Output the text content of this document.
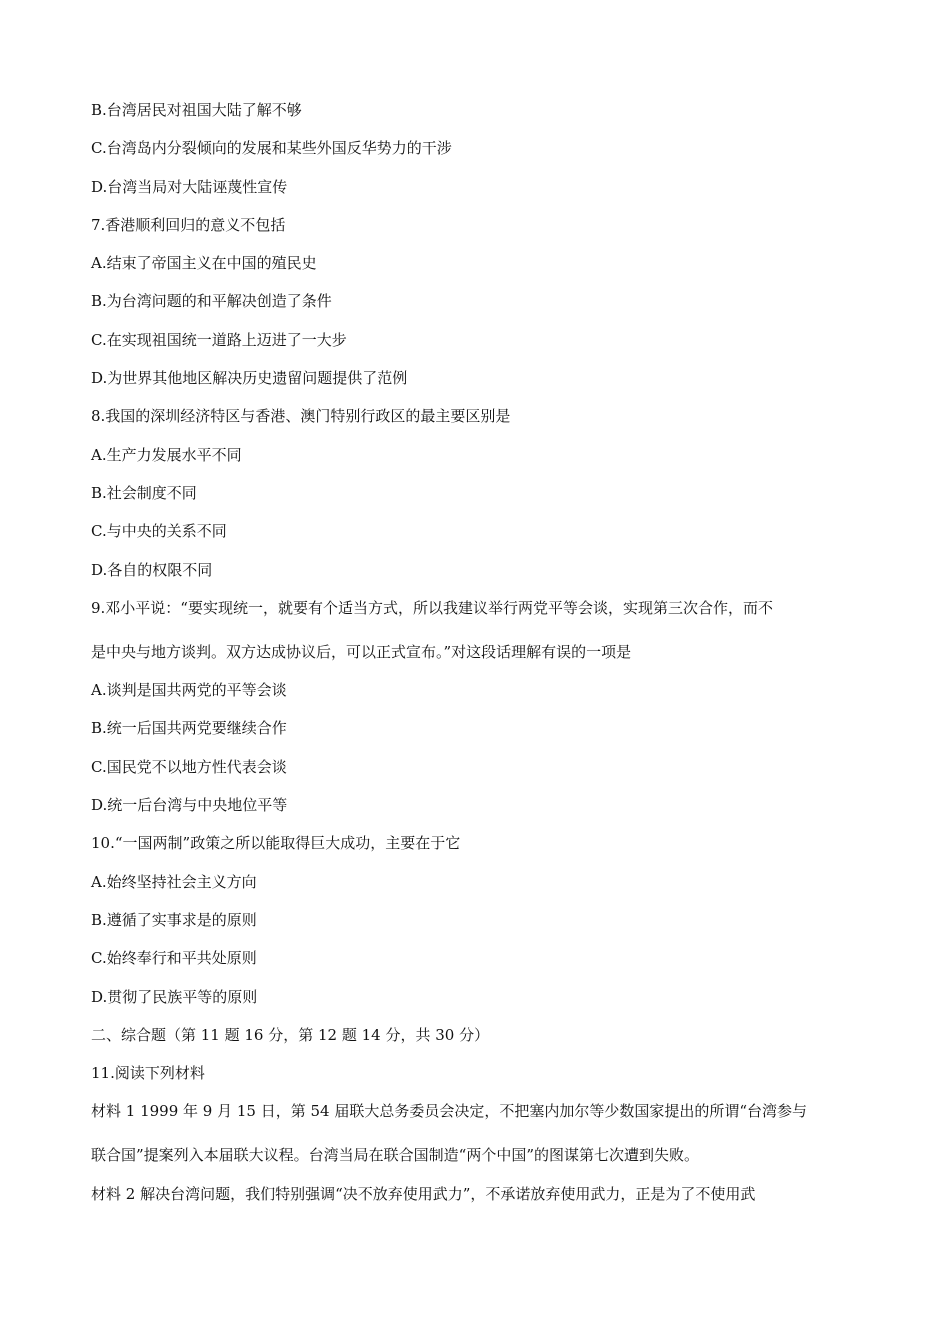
B.台湾居民对祖国大陆了解不够
C.台湾岛内分裂倾向的发展和某些外国反华势力的干涉
D.台湾当局对大陆诬蔑性宣传
7.香港顺利回归的意义不包括
A.结束了帝国主义在中国的殖民史
B.为台湾问题的和平解决创造了条件
C.在实现祖国统一道路上迈进了一大步
D.为世界其他地区解决历史遗留问题提供了范例
8.我国的深圳经济特区与香港、澳门特别行政区的最主要区别是
A.生产力发展水平不同
B.社会制度不同
C.与中央的关系不同
D.各自的权限不同
9.邓小平说：“要实现统一，就要有个适当方式，所以我建议举行两党平等会谈，实现第三次合作，而不
是中央与地方谈判。双方达成协议后，可以正式宣布。”对这段话理解有误的一项是
A.谈判是国共两党的平等会谈
B.统一后国共两党要继续合作
C.国民党不以地方性代表会谈
D.统一后台湾与中央地位平等
10.“一国两制”政策之所以能取得巨大成功，主要在于它
A.始终坚持社会主义方向
B.遵循了实事求是的原则
C.始终奉行和平共处原则
D.贯彻了民族平等的原则
二、综合题（第 11 题 16 分，第 12 题 14 分，共 30 分）
11.阅读下列材料
材料 1 1999 年 9 月 15 日，第 54 届联大总务委员会决定，不把塞内加尔等少数国家提出的所谓“台湾参与
联合国”提案列入本届联大议程。台湾当局在联合国制造“两个中国”的图谋第七次遭到失败。
材料 2 解决台湾问题，我们特别强调“决不放弃使用武力”，不承诺放弃使用武力，正是为了不使用武
